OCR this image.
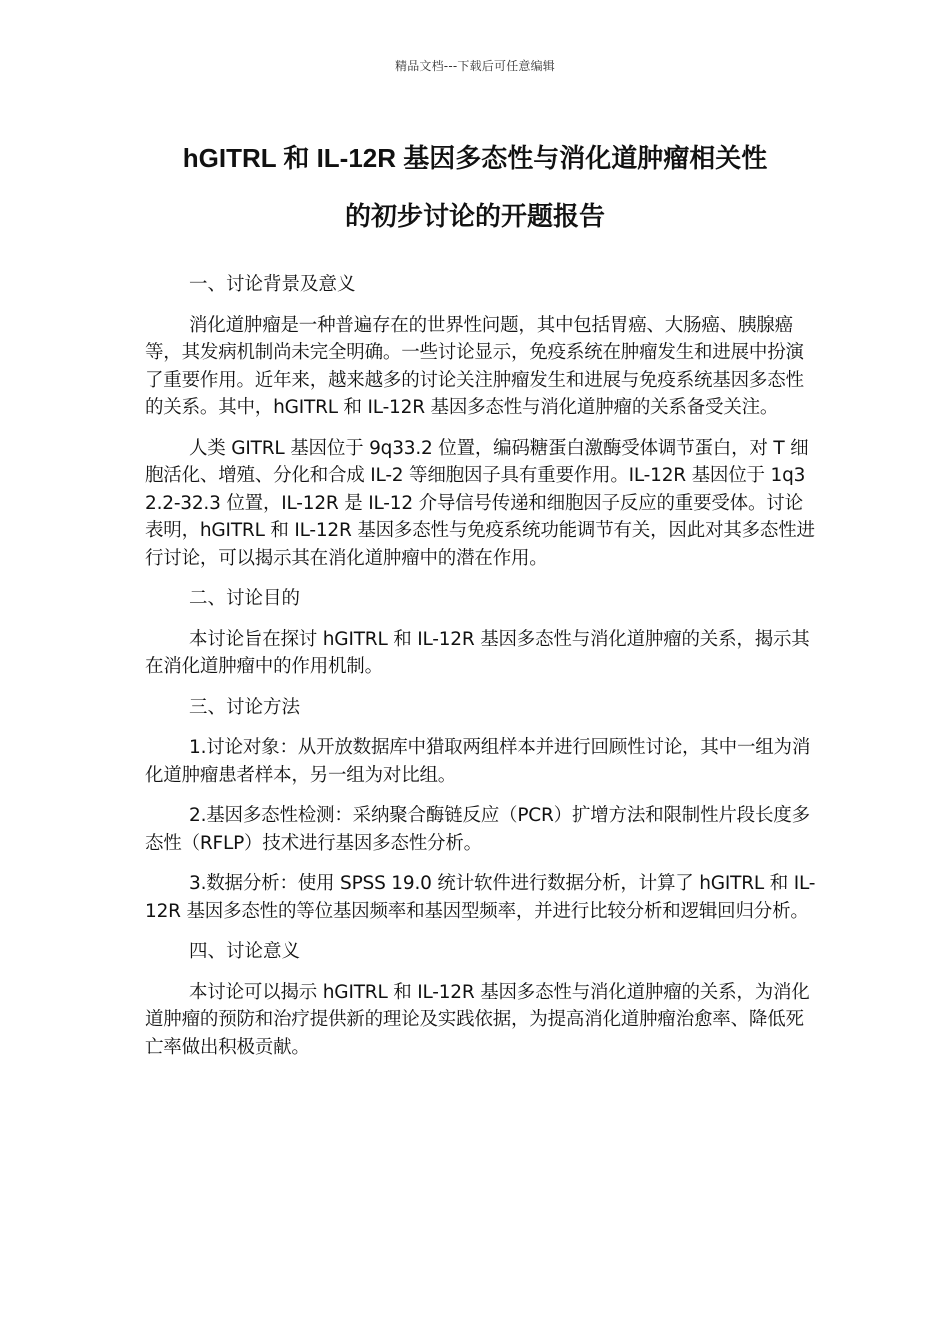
精品文档---下载后可任意编辑
hGITRL 和 IL-12R 基因多态性与消化道肿瘤相关性
的初步讨论的开题报告

一、讨论背景及意义

消化道肿瘤是一种普遍存在的世界性问题，其中包括胃癌、大肠癌、胰腺癌等，其发病机制尚未完全明确。一些讨论显示，免疫系统在肿瘤发生和进展中扮演了重要作用。近年来，越来越多的讨论关注肿瘤发生和进展与免疫系统基因多态性的关系。其中，hGITRL 和 IL-12R 基因多态性与消化道肿瘤的关系备受关注。

人类 GITRL 基因位于 9q33.2 位置，编码糖蛋白激酶受体调节蛋白，对 T 细胞活化、增殖、分化和合成 IL-2 等细胞因子具有重要作用。IL-12R 基因位于 1q32.2-32.3 位置，IL-12R 是 IL-12 介导信号传递和细胞因子反应的重要受体。讨论表明，hGITRL 和 IL-12R 基因多态性与免疫系统功能调节有关，因此对其多态性进行讨论，可以揭示其在消化道肿瘤中的潜在作用。

二、讨论目的

本讨论旨在探讨 hGITRL 和 IL-12R 基因多态性与消化道肿瘤的关系，揭示其在消化道肿瘤中的作用机制。

三、讨论方法

1.讨论对象：从开放数据库中猎取两组样本并进行回顾性讨论，其中一组为消化道肿瘤患者样本，另一组为对比组。

2.基因多态性检测：采纳聚合酶链反应（PCR）扩增方法和限制性片段长度多态性（RFLP）技术进行基因多态性分析。

3.数据分析：使用 SPSS 19.0 统计软件进行数据分析，计算了 hGITRL 和 IL-12R 基因多态性的等位基因频率和基因型频率，并进行比较分析和逻辑回归分析。

四、讨论意义

本讨论可以揭示 hGITRL 和 IL-12R 基因多态性与消化道肿瘤的关系，为消化道肿瘤的预防和治疗提供新的理论及实践依据，为提高消化道肿瘤治愈率、降低死亡率做出积极贡献。
